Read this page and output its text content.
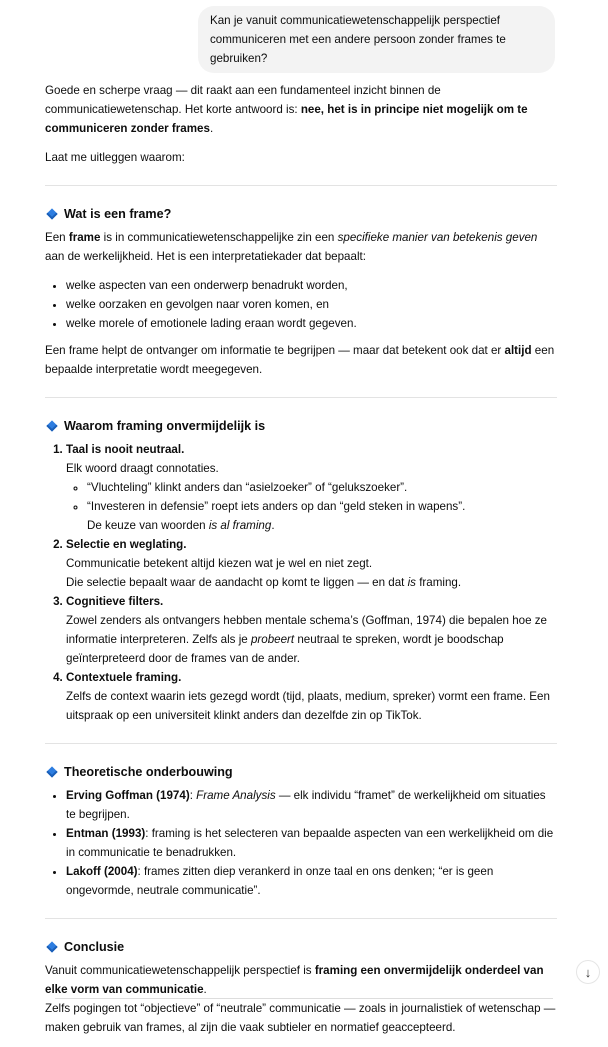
Kan je vanuit communicatiewetenschappelijk perspectief communiceren met een andere persoon zonder frames te gebruiken?

Goede en scherpe vraag — dit raakt aan een fundamenteel inzicht binnen de communicatiewetenschap. Het korte antwoord is: nee, het is in principe niet mogelijk om te communiceren zonder frames.

Laat me uitleggen waarom:

Wat is een frame?

Een frame is in communicatiewetenschappelijke zin een specifieke manier van betekenis geven aan de werkelijkheid. Het is een interpretatiekader dat bepaalt:

• welke aspecten van een onderwerp benadrukt worden,
• welke oorzaken en gevolgen naar voren komen, en
• welke morele of emotionele lading eraan wordt gegeven.

Een frame helpt de ontvanger om informatie te begrijpen — maar dat betekent ook dat er altijd een bepaalde interpretatie wordt meegegeven.

Waarom framing onvermijdelijk is
1. Taal is nooit neutraal.
Elk woord draagt connotaties.
◦ “Vluchteling” klinkt anders dan “asielzoeker” of “gelukszoeker”.
◦ “Investeren in defensie” roept iets anders op dan “geld steken in wapens”.
De keuze van woorden is al framing.
2. Selectie en weglating.
Communicatie betekent altijd kiezen wat je wel en niet zegt.
Die selectie bepaalt waar de aandacht op komt te liggen — en dat is framing.
3. Cognitieve filters.
Zowel zenders als ontvangers hebben mentale schema’s (Goffman, 1974) die bepalen hoe ze informatie interpreteren. Zelfs als je probeert neutraal te spreken, wordt je boodschap geïnterpreteerd door de frames van de ander.
4. Contextuele framing.
Zelfs de context waarin iets gezegd wordt (tijd, plaats, medium, spreker) vormt een frame. Een uitspraak op een universiteit klinkt anders dan dezelfde zin op TikTok.
Theoretische onderbouwing
• Erving Goffman (1974): Frame Analysis — elk individu “framet” de werkelijkheid om situaties te begrijpen.
• Entman (1993): framing is het selecteren van bepaalde aspecten van een werkelijkheid om die in communicatie te benadrukken.
• Lakoff (2004): frames zitten diep verankerd in onze taal en ons denken; “er is geen ongevormde, neutrale communicatie”.
Conclusie

Vanuit communicatiewetenschappelijk perspectief is framing een onvermijdelijk onderdeel van elke vorm van communicatie.
Zelfs pogingen tot “objectieve” of “neutrale” communicatie — zoals in journalistiek of wetenschap — maken gebruik van frames, al zijn die vaak subtieler en normatief geaccepteerd.

↓
